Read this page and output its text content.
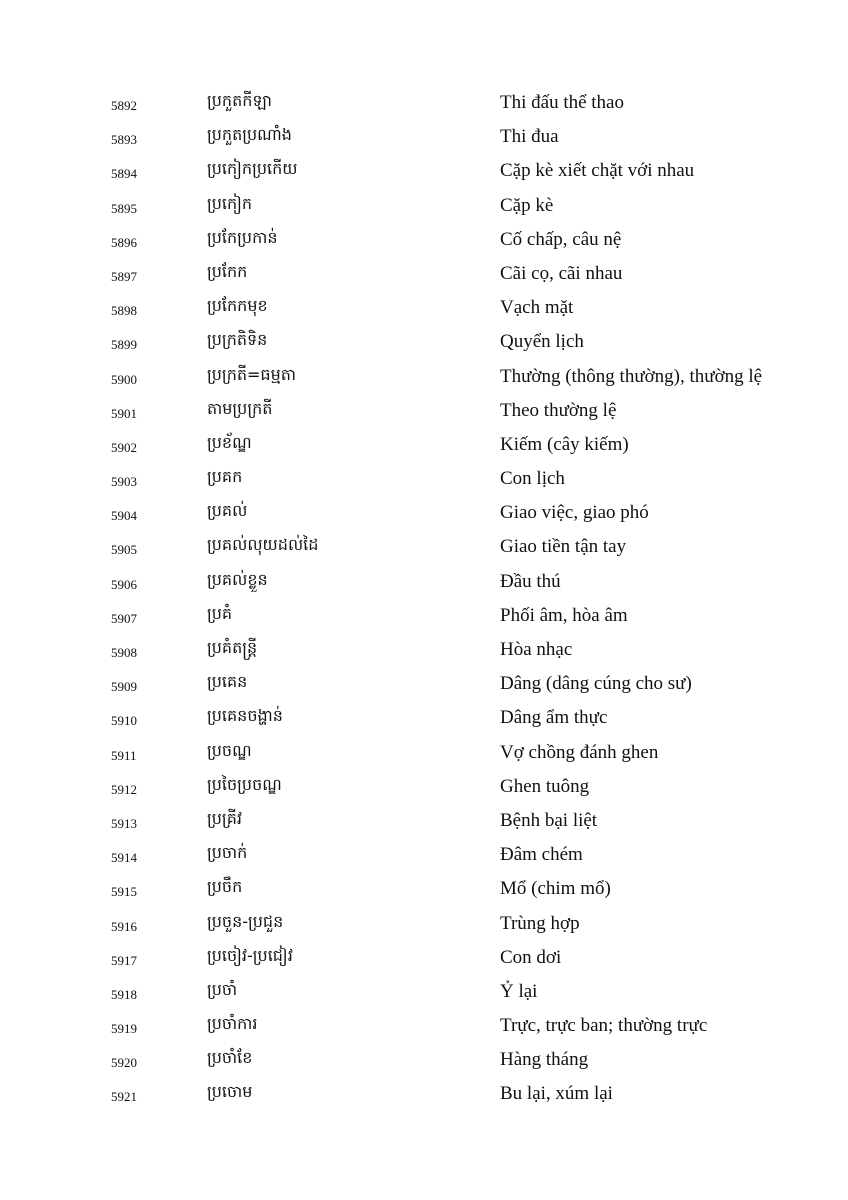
5892	ប្រកួតកីឡា	Thi đấu thể thao
5893	ប្រកួតប្រណាំង	Thi đua
5894	ប្រកៀកប្រកើយ	Cặp kè xiết chặt với nhau
5895	ប្រកៀក	Cặp kè
5896	ប្រកែប្រកាន់	Cố chấp, câu nệ
5897	ប្រកែក	Cãi cọ, cãi nhau
5898	ប្រកែកមុខ	Vạch mặt
5899	ប្រក្រតិទិន	Quyển lịch
5900	ប្រក្រតី=ធម្មតា	Thường (thông thường), thường lệ
5901	តាមប្រក្រតី	Theo thường lệ
5902	ប្រខ័ណ្ឌ	Kiếm (cây kiếm)
5903	ប្រគក	Con lịch
5904	ប្រគល់	Giao việc, giao phó
5905	ប្រគល់លុយដល់ដៃ	Giao tiền tận tay
5906	ប្រគល់ខ្លួន	Đầu thú
5907	ប្រគំ	Phối âm, hòa âm
5908	ប្រគំតន្ត្រី	Hòa nhạc
5909	ប្រគេន	Dâng (dâng cúng cho sư)
5910	ប្រគេនចង្ហាន់	Dâng ẩm thực
5911	ប្រចណ្ឌ	Vợ chồng đánh ghen
5912	ប្រចៃប្រចណ្ឌ	Ghen tuông
5913	ប្រគ្រីវ	Bệnh bại liệt
5914	ប្រចាក់	Đâm chém
5915	ប្រចឹក	Mổ (chim mổ)
5916	ប្រចួន-ប្រជួន	Trùng hợp
5917	ប្រចៀវ-ប្រជៀវ	Con dơi
5918	ប្រចាំ	Ỷ lại
5919	ប្រចាំការ	Trực, trực ban; thường trực
5920	ប្រចាំខែ	Hàng tháng
5921	ប្រចោម	Bu lại, xúm lại
